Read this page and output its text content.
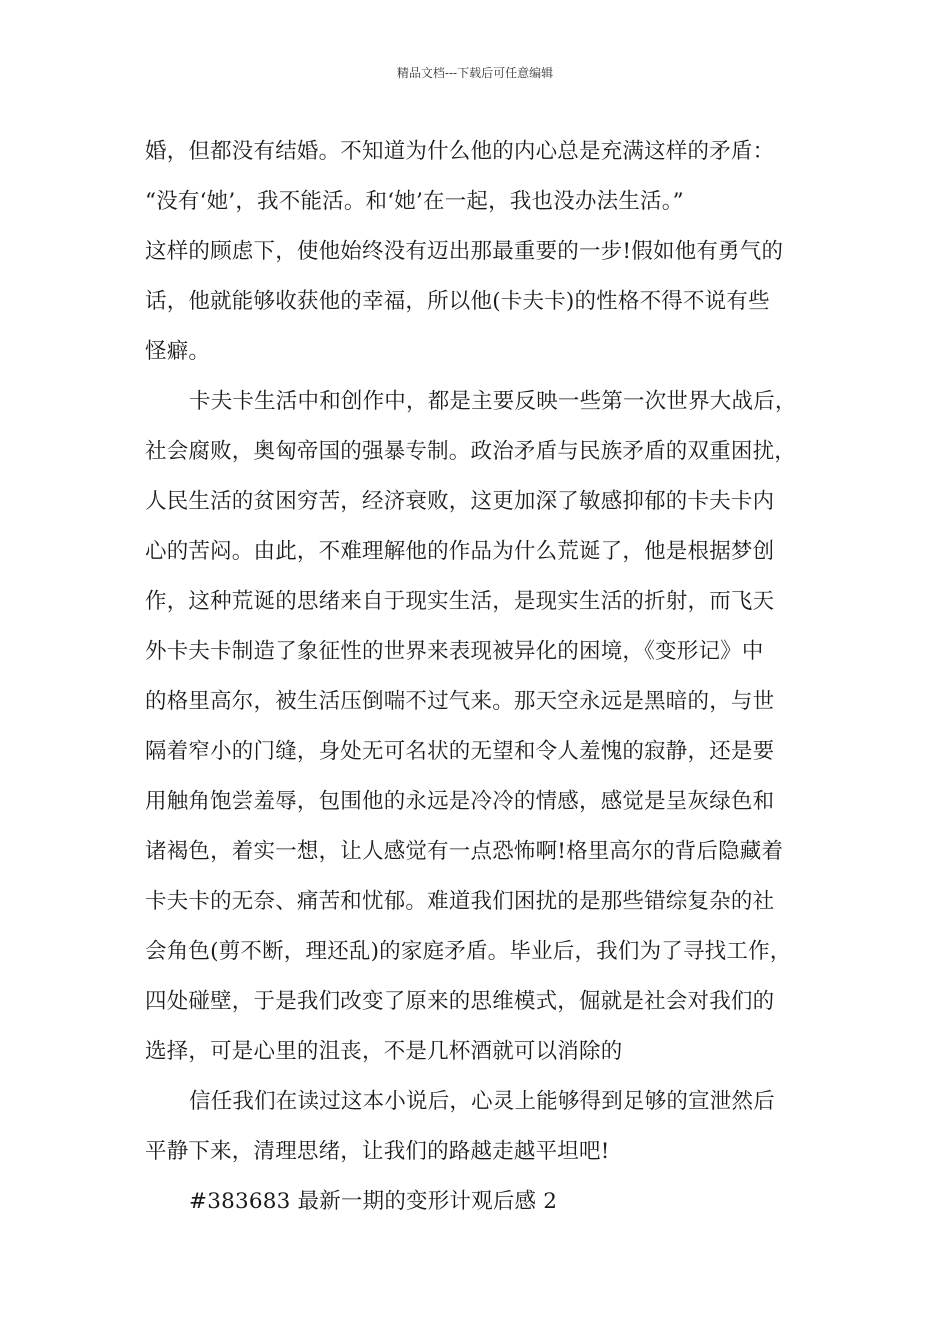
精品文档---下载后可任意编辑
婚，但都没有结婚。不知道为什么他的内心总是充满这样的矛盾：
“没有‘她’，我不能活。和‘她’在一起，我也没办法生活。”
这样的顾虑下，使他始终没有迈出那最重要的一步!假如他有勇气的
话，他就能够收获他的幸福，所以他(卡夫卡)的性格不得不说有些
怪癖。
卡夫卡生活中和创作中，都是主要反映一些第一次世界大战后，
社会腐败，奥匈帝国的强暴专制。政治矛盾与民族矛盾的双重困扰，
人民生活的贫困穷苦，经济衰败，这更加深了敏感抑郁的卡夫卡内
心的苦闷。由此，不难理解他的作品为什么荒诞了，他是根据梦创
作，这种荒诞的思绪来自于现实生活，是现实生活的折射，而飞天
外卡夫卡制造了象征性的世界来表现被异化的困境，《变形记》中
的格里高尔，被生活压倒喘不过气来。那天空永远是黑暗的，与世
隔着窄小的门缝，身处无可名状的无望和令人羞愧的寂静，还是要
用触角饱尝羞辱，包围他的永远是冷冷的情感，感觉是呈灰绿色和
诸褐色，着实一想，让人感觉有一点恐怖啊!格里高尔的背后隐藏着
卡夫卡的无奈、痛苦和忧郁。难道我们困扰的是那些错综复杂的社
会角色(剪不断，理还乱)的家庭矛盾。毕业后，我们为了寻找工作，
四处碰壁，于是我们改变了原来的思维模式，倔就是社会对我们的
选择，可是心里的沮丧，不是几杯酒就可以消除的
信任我们在读过这本小说后，心灵上能够得到足够的宣泄然后
平静下来，清理思绪，让我们的路越走越平坦吧!
#383683 最新一期的变形计观后感 2
